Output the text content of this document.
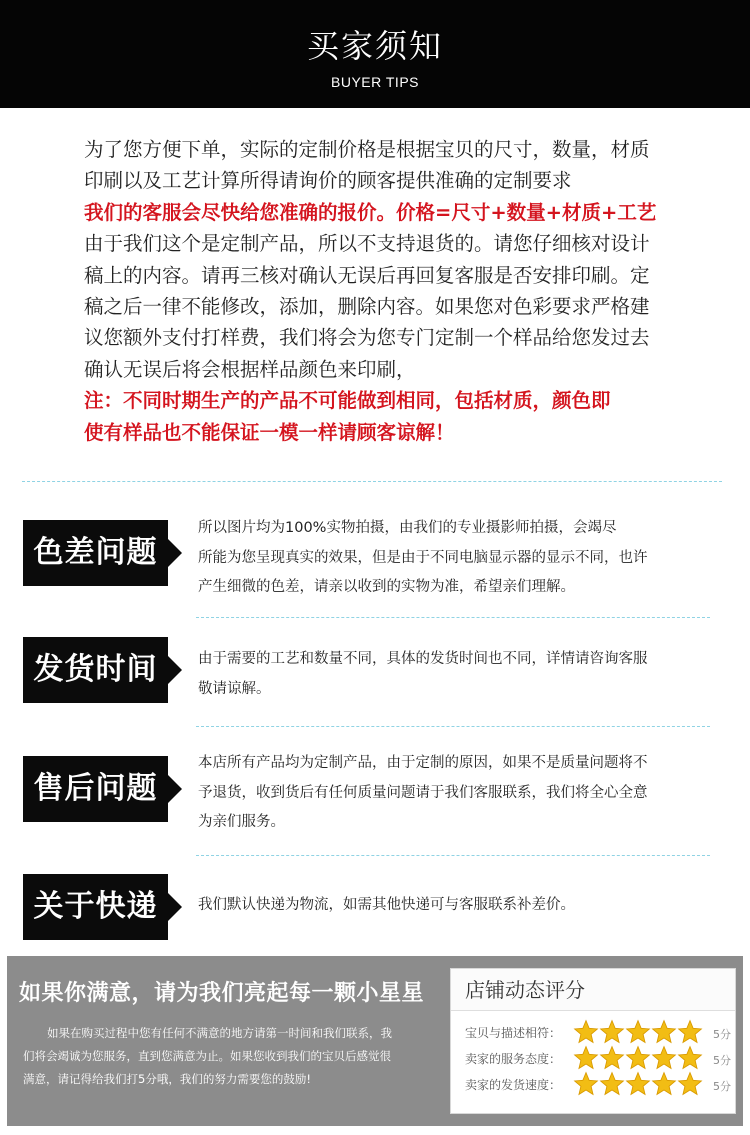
买家须知
BUYER TIPS
为了您方便下单，实际的定制价格是根据宝贝的尺寸，数量，材质
印刷以及工艺计算所得请询价的顾客提供准确的定制要求
我们的客服会尽快给您准确的报价。价格=尺寸+数量+材质+工艺
由于我们这个是定制产品，所以不支持退货的。请您仔细核对设计
稿上的内容。请再三核对确认无误后再回复客服是否安排印刷。定
稿之后一律不能修改，添加，删除内容。如果您对色彩要求严格建
议您额外支付打样费，我们将会为您专门定制一个样品给您发过去
确认无误后将会根据样品颜色来印刷，
注：不同时期生产的产品不可能做到相同，包括材质，颜色即
使有样品也不能保证一模一样请顾客谅解！
色差问题
所以图片均为100%实物拍摄，由我们的专业摄影师拍摄，会竭尽
所能为您呈现真实的效果，但是由于不同电脑显示器的显示不同，也许
产生细微的色差，请亲以收到的实物为准，希望亲们理解。
发货时间	由于需要的工艺和数量不同，具体的发货时间也不同，详情请咨询客服
敬请谅解。
售后问题
本店所有产品均为定制产品，由于定制的原因，如果不是质量问题将不
予退货，收到货后有任何质量问题请于我们客服联系，我们将全心全意
为亲们服务。
关于快递	我们默认快递为物流，如需其他快递可与客服联系补差价。
如果你满意，请为我们亮起每一颗小星星
如果在购买过程中您有任何不满意的地方请第一时间和我们联系，我
们将会竭诚为您服务，直到您满意为止。如果您收到我们的宝贝后感觉很
满意，请记得给我们打5分哦，我们的努力需要您的鼓励!
店铺动态评分
宝贝与描述相符：	5分
卖家的服务态度：	5分
卖家的发货速度：	5分
